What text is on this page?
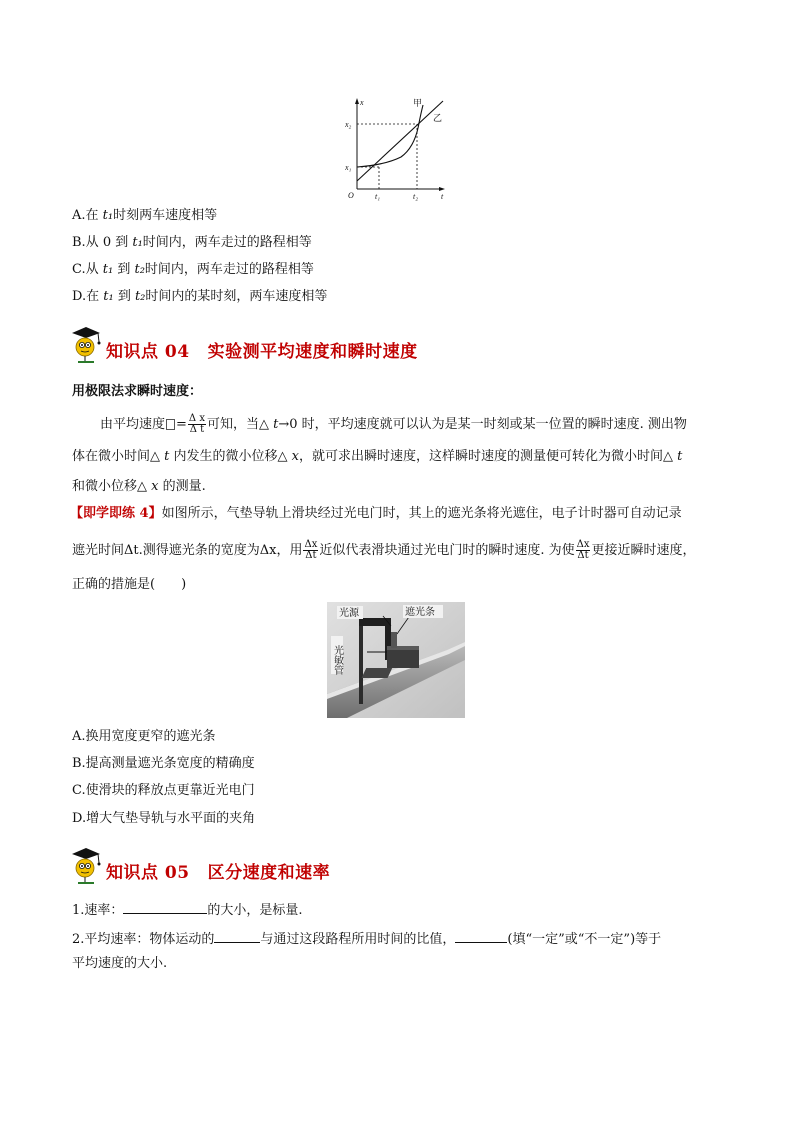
x
t
O
x₂
x₁
t₁	t₂
甲
乙
A.在 t₁时刻两车速度相等
B.从 0 到 t₁时间内，两车走过的路程相等
C.从 t₁ 到 t₂时间内，两车走过的路程相等
D.在 t₁ 到 t₂时间内的某时刻，两车速度相等
知识点 04 实验测平均速度和瞬时速度
用极限法求瞬时速度：
由平均速度 = $\frac{\text{Δ x}}{\text{Δ t}}$ 可知，当△ t→0 时，平均速度就可以认为是某一时刻或某一位置的瞬时速度. 测出物
体在微小时间△ t 内发生的微小位移△ x，就可求出瞬时速度，这样瞬时速度的测量便可转化为微小时间△ t
和微小位移△ x 的测量.
【即学即练 4】如图所示，气垫导轨上滑块经过光电门时，其上的遮光条将光遮住，电子计时器可自动记录
遮光时间Δt.测得遮光条的宽度为Δx，用 $\frac{\Delta x}{\Delta t}$ 近似代表滑块通过光电门时的瞬时速度. 为使 $\frac{\Delta x}{\Delta t}$ 更接近瞬时速度，
正确的措施是(　　)
光源	遮光条
光敏管
A.换用宽度更窄的遮光条
B.提高测量遮光条宽度的精确度
C.使滑块的释放点更靠近光电门
D.增大气垫导轨与水平面的夹角
知识点 05 区分速度和速率
1.速率：	的大小，是标量.
2.平均速率：物体运动的	与通过这段路程所用时间的比值，	(填“一定”或“不一定”)等于
平均速度的大小.
